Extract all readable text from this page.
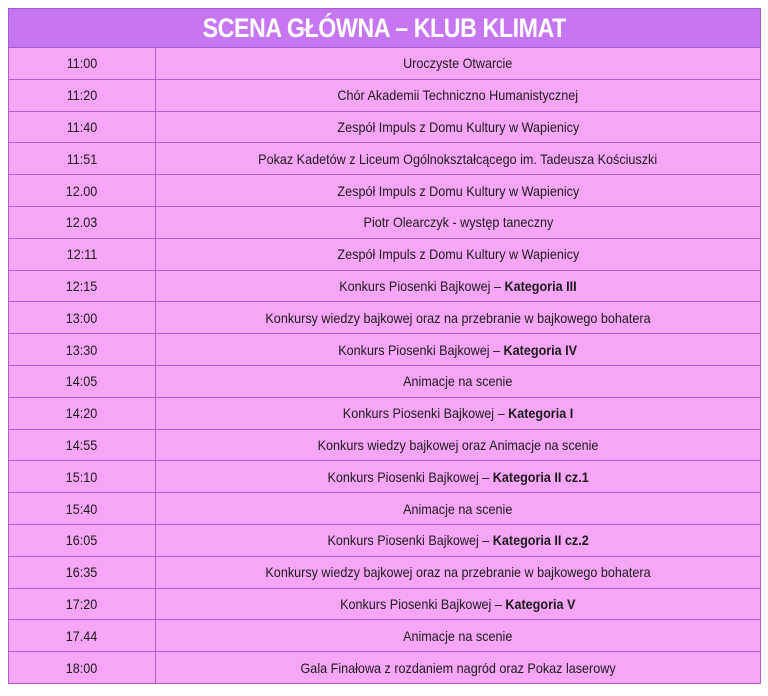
SCENA GŁÓWNA – KLUB KLIMAT	
11:00	Uroczyste Otwarcie
11:20	Chór Akademii Techniczno Humanistycznej
11:40	Zespół Impuls z Domu Kultury w Wapienicy
11:51	Pokaz Kadetów z Liceum Ogólnokształcącego im. Tadeusza Kościuszki
12.00	Zespół Impuls z Domu Kultury w Wapienicy
12.03	Piotr Olearczyk - występ taneczny
12:11	Zespół Impuls z Domu Kultury w Wapienicy
12:15	Konkurs Piosenki Bajkowej – Kategoria III
13:00	Konkursy wiedzy bajkowej oraz na przebranie w bajkowego bohatera
13:30	Konkurs Piosenki Bajkowej – Kategoria IV
14:05	Animacje na scenie
14:20	Konkurs Piosenki Bajkowej – Kategoria I
14:55	Konkurs wiedzy bajkowej oraz Animacje na scenie
15:10	Konkurs Piosenki Bajkowej – Kategoria II cz.1
15:40	Animacje na scenie
16:05	Konkurs Piosenki Bajkowej – Kategoria II cz.2
16:35	Konkursy wiedzy bajkowej oraz na przebranie w bajkowego bohatera
17:20	Konkurs Piosenki Bajkowej – Kategoria V
17.44	Animacje na scenie
18:00	Gala Finałowa z rozdaniem nagród oraz Pokaz laserowy
